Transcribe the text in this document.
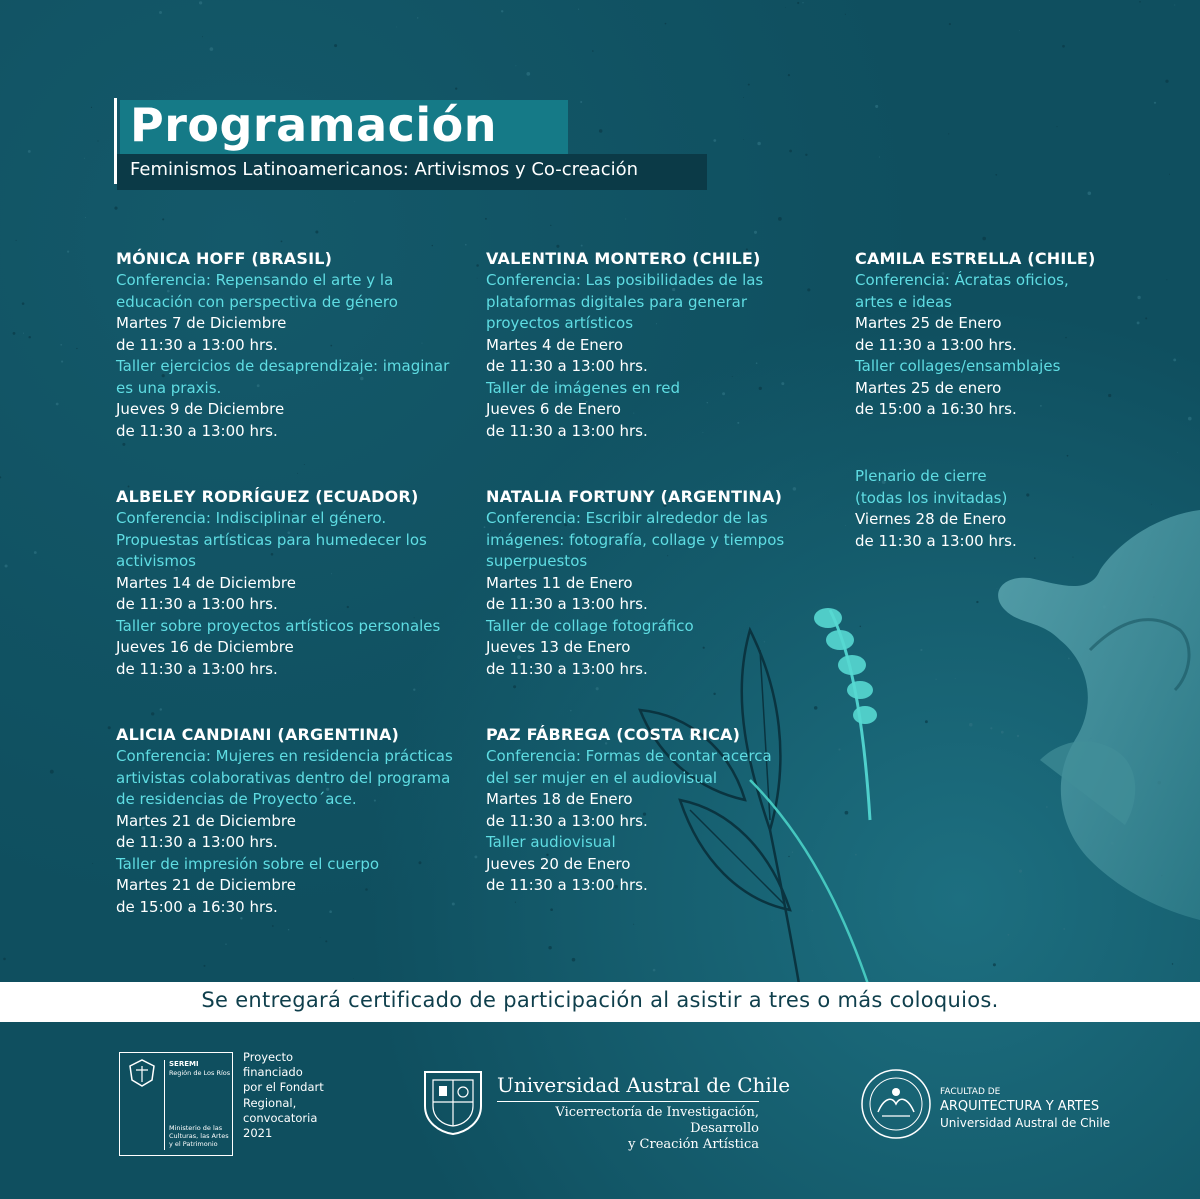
Programación
Feminismos Latinoamericanos: Artivismos y Co-creación
MÓNICA HOFF (BRASIL)
Conferencia: Repensando el arte y la
educación con perspectiva de género
Martes 7 de Diciembre
de 11:30 a 13:00 hrs.
Taller ejercicios de desaprendizaje: imaginar
es una praxis.
Jueves 9 de Diciembre
de 11:30 a 13:00 hrs.
ALBELEY RODRÍGUEZ (ECUADOR)
Conferencia: Indisciplinar el género.
Propuestas artísticas para humedecer los
activismos
Martes 14 de Diciembre
de 11:30 a 13:00 hrs.
Taller sobre proyectos artísticos personales
Jueves 16 de Diciembre
de 11:30 a 13:00 hrs.
ALICIA CANDIANI (ARGENTINA)
Conferencia: Mujeres en residencia prácticas
artivistas colaborativas dentro del programa
de residencias de Proyecto´ace.
Martes 21 de Diciembre
de 11:30 a 13:00 hrs.
Taller de impresión sobre el cuerpo
Martes 21 de Diciembre
de 15:00 a 16:30 hrs.
VALENTINA MONTERO (CHILE)
Conferencia: Las posibilidades de las
plataformas digitales para generar
proyectos artísticos
Martes 4 de Enero
de 11:30 a 13:00 hrs.
Taller de imágenes en red
Jueves 6 de Enero
de 11:30 a 13:00 hrs.
NATALIA FORTUNY (ARGENTINA)
Conferencia: Escribir alrededor de las
imágenes: fotografía, collage y tiempos
superpuestos
Martes 11 de Enero
de 11:30 a 13:00 hrs.
Taller de collage fotográfico
Jueves 13 de Enero
de 11:30 a 13:00 hrs.
PAZ FÁBREGA (COSTA RICA)
Conferencia: Formas de contar acerca
del ser mujer en el audiovisual
Martes 18 de Enero
de 11:30 a 13:00 hrs.
Taller audiovisual
Jueves 20 de Enero
de 11:30 a 13:00 hrs.
CAMILA ESTRELLA (CHILE)
Conferencia: Ácratas oficios,
artes e ideas
Martes 25 de Enero
de 11:30 a 13:00 hrs.
Taller collages/ensamblajes
Martes 25 de enero
de 15:00 a 16:30 hrs.
Plenario de cierre
(todas los invitadas)
Viernes 28 de Enero
de 11:30 a 13:00 hrs.
Se entregará certificado de participación al asistir a tres o más coloquios.
SEREMI
Región de Los Ríos
Ministerio de las
Culturas, las Artes
y el Patrimonio
Proyecto
financiado
por el Fondart
Regional,
convocatoria
2021
Universidad Austral de Chile
Vicerrectoría de Investigación, Desarrollo
y Creación Artística
FACULTAD DE
ARQUITECTURA Y ARTES
Universidad Austral de Chile
